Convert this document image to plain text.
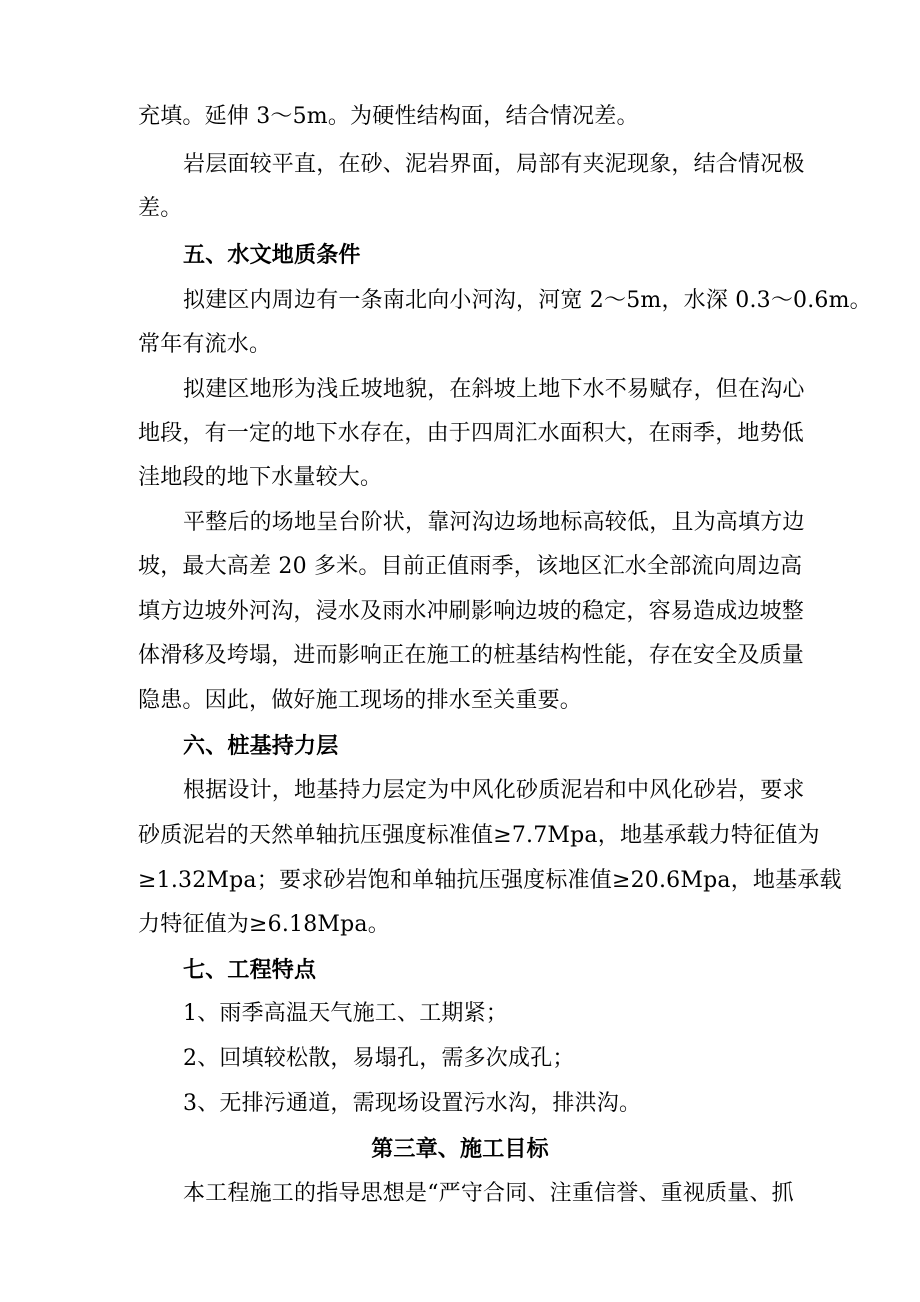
充填。延伸 3～5m。为硬性结构面，结合情况差。
岩层面较平直，在砂、泥岩界面，局部有夹泥现象，结合情况极
差。
五、水文地质条件
拟建区内周边有一条南北向小河沟，河宽 2～5m，水深 0.3～0.6m。
常年有流水。
拟建区地形为浅丘坡地貌，在斜坡上地下水不易赋存，但在沟心
地段，有一定的地下水存在，由于四周汇水面积大，在雨季，地势低
洼地段的地下水量较大。
平整后的场地呈台阶状，靠河沟边场地标高较低，且为高填方边
坡，最大高差 20 多米。目前正值雨季，该地区汇水全部流向周边高
填方边坡外河沟，浸水及雨水冲刷影响边坡的稳定，容易造成边坡整
体滑移及垮塌，进而影响正在施工的桩基结构性能，存在安全及质量
隐患。因此，做好施工现场的排水至关重要。
六、桩基持力层
根据设计，地基持力层定为中风化砂质泥岩和中风化砂岩，要求
砂质泥岩的天然单轴抗压强度标准值≥7.7Mpa，地基承载力特征值为
≥1.32Mpa；要求砂岩饱和单轴抗压强度标准值≥20.6Mpa，地基承载
力特征值为≥6.18Mpa。
七、工程特点
1、雨季高温天气施工、工期紧；
2、回填较松散，易塌孔，需多次成孔；
3、无排污通道，需现场设置污水沟，排洪沟。
第三章、施工目标
本工程施工的指导思想是“严守合同、注重信誉、重视质量、抓
